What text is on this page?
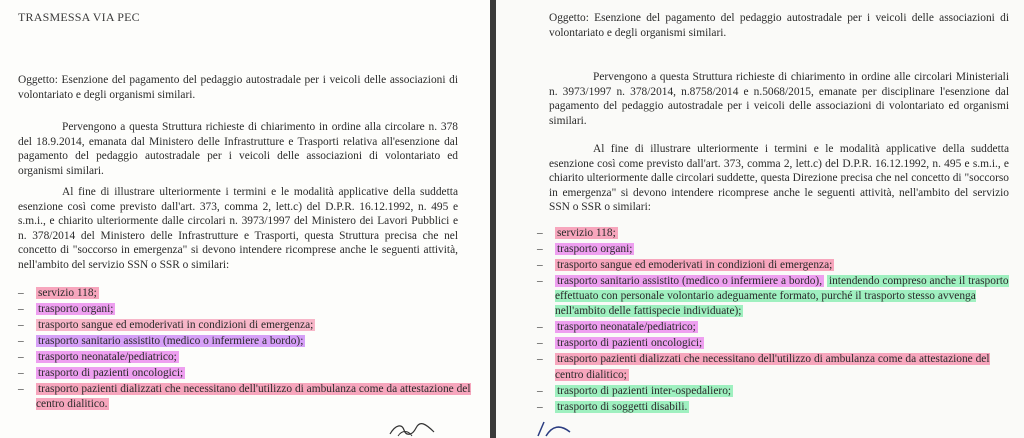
TRASMESSA VIA PEC
Oggetto: Esenzione del pagamento del pedaggio autostradale per i veicoli delle associazioni di volontariato e degli organismi similari.
Pervengono a questa Struttura richieste di chiarimento in ordine alla circolare n. 378 del 18.9.2014, emanata dal Ministero delle Infrastrutture e Trasporti relativa all'esenzione dal pagamento del pedaggio autostradale per i veicoli delle associazioni di volontariato ed organismi similari.
Al fine di illustrare ulteriormente i termini e le modalità applicative della suddetta esenzione così come previsto dall'art. 373, comma 2, lett.c) del D.P.R. 16.12.1992, n. 495 e s.m.i., e chiarito ulteriormente dalle circolari n. 3973/1997 del Ministero dei Lavori Pubblici e n. 378/2014 del Ministero delle Infrastrutture e Trasporti, questa Struttura precisa che nel concetto di "soccorso in emergenza" si devono intendere ricomprese anche le seguenti attività, nell'ambito del servizio SSN o SSR o similari:
– servizio 118;
– trasporto organi;
– trasporto sangue ed emoderivati in condizioni di emergenza;
– trasporto sanitario assistito (medico o infermiere a bordo);
– trasporto neonatale/pediatrico;
– trasporto di pazienti oncologici;
– trasporto pazienti dializzati che necessitano dell'utilizzo di ambulanza come da attestazione del centro dialitico.
Oggetto: Esenzione del pagamento del pedaggio autostradale per i veicoli delle associazioni di volontariato e degli organismi similari.
Pervengono a questa Struttura richieste di chiarimento in ordine alle circolari Ministeriali n. 3973/1997 n. 378/2014, n.8758/2014 e n.5068/2015, emanate per disciplinare l'esenzione dal pagamento del pedaggio autostradale per i veicoli delle associazioni di volontariato ed organismi similari.
Al fine di illustrare ulteriormente i termini e le modalità applicative della suddetta esenzione così come previsto dall'art. 373, comma 2, lett.c) del D.P.R. 16.12.1992, n. 495 e s.m.i., e chiarito ulteriormente dalle circolari suddette, questa Direzione precisa che nel concetto di "soccorso in emergenza" si devono intendere ricomprese anche le seguenti attività, nell'ambito del servizio SSN o SSR o similari:
– servizio 118;
– trasporto organi;
– trasporto sangue ed emoderivati in condizioni di emergenza;
– trasporto sanitario assistito (medico o infermiere a bordo), intendendo compreso anche il trasporto effettuato con personale volontario adeguamente formato, purché il trasporto stesso avvenga nell'ambito delle fattispecie individuate);
– trasporto neonatale/pediatrico;
– trasporto di pazienti oncologici;
– trasporto pazienti dializzati che necessitano dell'utilizzo di ambulanza come da attestazione del centro dialitico;
– trasporto di pazienti inter-ospedaliero;
– trasporto di soggetti disabili.
